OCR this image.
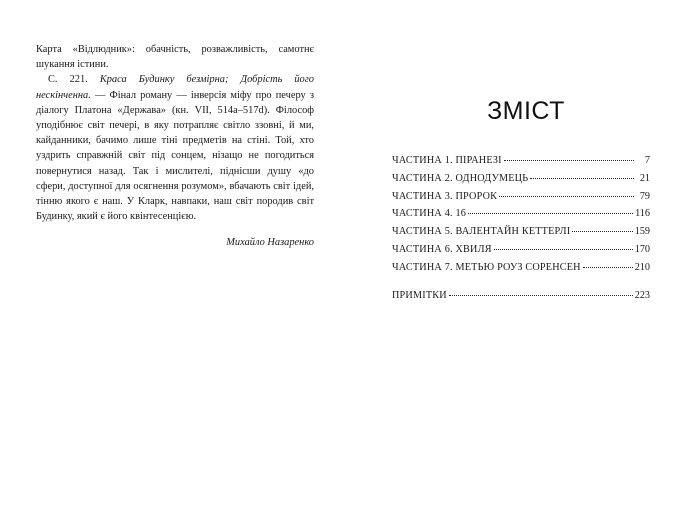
Карта «Відлюдник»: обачність, розважливість, самотнє шукання істини.

С. 221. Краса Будинку безмірна; Добрість його нескінченна. — Фінал роману — інверсія міфу про печеру з діалогу Платона «Держава» (кн. VII, 514a–517d). Філософ уподібнює світ печері, в яку потрапляє світло ззовні, й ми, кайданники, бачимо лише тіні предметів на стіні. Той, хто уздрить справжній світ під сонцем, нізащо не погодиться повернутися назад. Так і мислителі, піднісши душу «до сфери, доступної для осягнення розумом», вбачають світ ідей, тінню якого є наш. У Кларк, навпаки, наш світ породив світ Будинку, який є його квінтесенцією.

Михайло Назаренко

ЗМІСТ
ЧАСТИНА 1. ПІРАНЕЗІ	7
ЧАСТИНА 2. ОДНОДУМЕЦЬ	21
ЧАСТИНА 3. ПРОРОК	79
ЧАСТИНА 4. 16	116
ЧАСТИНА 5. ВАЛЕНТАЙН КЕТТЕРЛІ	159
ЧАСТИНА 6. ХВИЛЯ	170
ЧАСТИНА 7. МЕТЬЮ РОУЗ СОРЕНСЕН	210
ПРИМІТКИ	223
